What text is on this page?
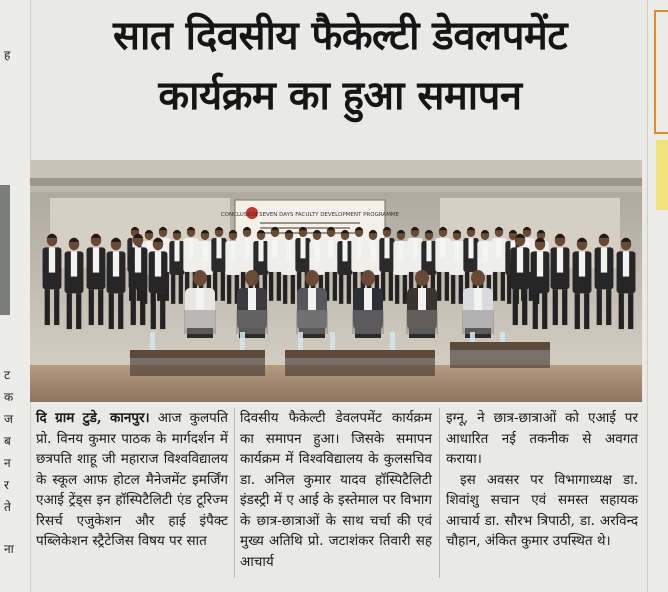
ह
ट
क
ज
ब
न
र
ते
ना
सात दिवसीय फैकेल्टी डेवलपमेंट
कार्यक्रम का हुआ समापन
CONCLUSION SEVEN DAYS FACULTY DEVELOPMENT PROGRAMME

दि ग्राम टुडे, कानपुर। आज कुलपति प्रो. विनय कुमार पाठक के मार्गदर्शन में छत्रपति शाहू जी महाराज विश्वविद्यालय के स्कूल आफ होटल मैनेजमेंट इमर्जिंग एआई ट्रेंड्स इन हॉस्पिटैलिटी एंड टूरिज्म रिसर्च एजुकेशन और हाई इंपैक्ट पब्लिकेशन स्ट्रैटेजिस विषय पर सात

दिवसीय फैकेल्टी डेवलपमेंट कार्यक्रम का समापन हुआ। जिसके समापन कार्यक्रम में विश्वविद्यालय के कुलसचिव डा. अनिल कुमार यादव हॉस्पिटैलिटी इंडस्ट्री में ए आई के इस्तेमाल पर विभाग के छात्र-छात्राओं के साथ चर्चा की एवं मुख्य अतिथि प्रो. जटाशंकर तिवारी सह आचार्य

इग्नू, ने छात्र-छात्राओं को एआई पर आधारित नई तकनीक से अवगत कराया।

इस अवसर पर विभागाध्यक्ष डा. शिवांशु सचान एवं समस्त सहायक आचार्य डा. सौरभ त्रिपाठी, डा. अरविन्द चौहान, अंकित कुमार उपस्थित थे।
